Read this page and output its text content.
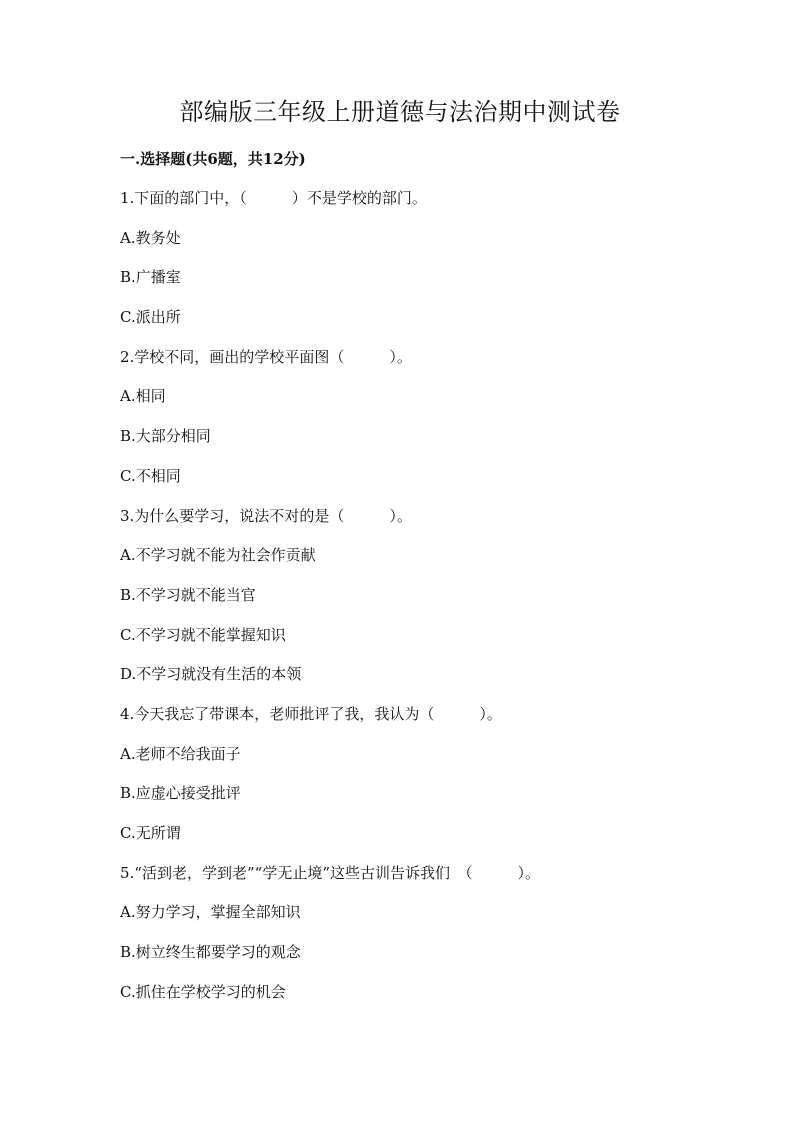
部编版三年级上册道德与法治期中测试卷
一.选择题(共6题，共12分)
1.下面的部门中，（　　　）不是学校的部门。
A.教务处
B.广播室
C.派出所
2.学校不同，画出的学校平面图（　　　）。
A.相同
B.大部分相同
C.不相同
3.为什么要学习，说法不对的是（　　　）。
A.不学习就不能为社会作贡献
B.不学习就不能当官
C.不学习就不能掌握知识
D.不学习就没有生活的本领
4.今天我忘了带课本，老师批评了我，我认为（　　　）。
A.老师不给我面子
B.应虚心接受批评
C.无所谓
5.“活到老，学到老”“学无止境”这些古训告诉我们　（　　　）。
A.努力学习，掌握全部知识
B.树立终生都要学习的观念
C.抓住在学校学习的机会
